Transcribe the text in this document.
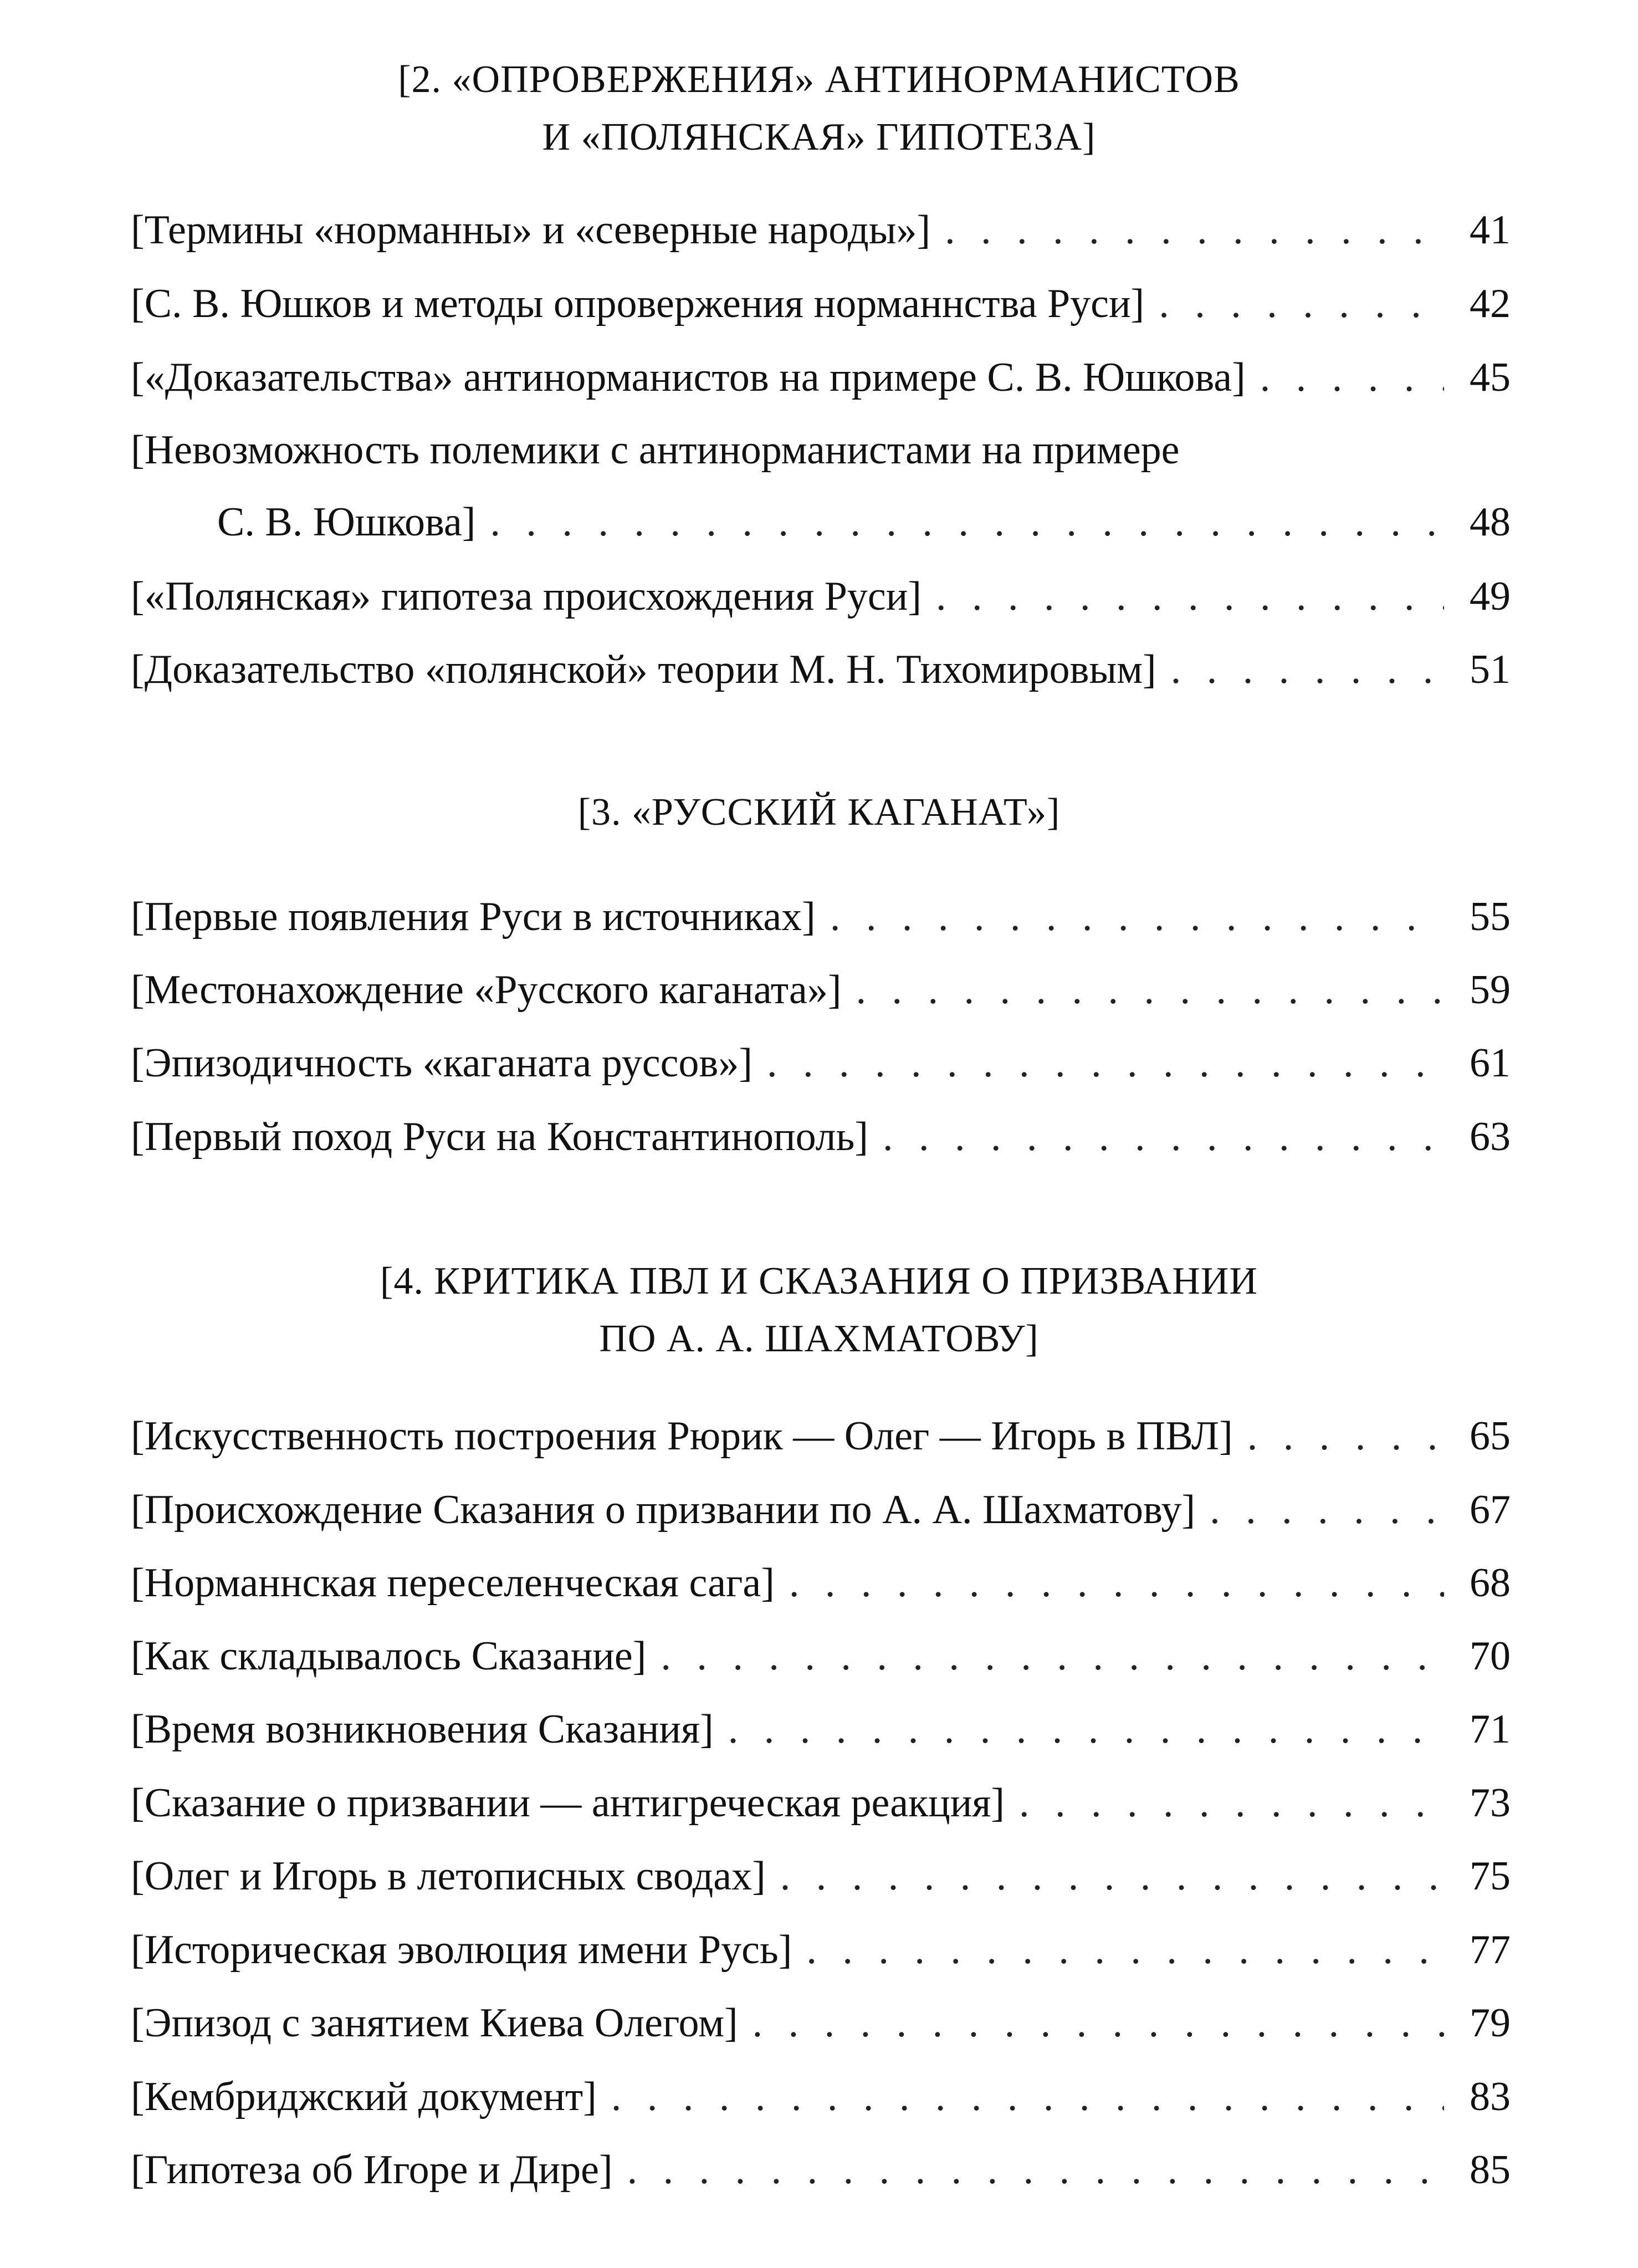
[2. «ОПРОВЕРЖЕНИЯ» АНТИНОРМАНИСТОВ
И «ПОЛЯНСКАЯ» ГИПОТЕЗА]
[Термины «норманны» и «северные народы»] . . .	41
[С. В. Юшков и методы опровержения норманнства Руси] . . .	42
[«Доказательства» антинорманистов на примере С. В. Юшкова] . . .	45
[Невозможность полемики с антинорманистами на примере
С. В. Юшкова] . . .	48
[«Полянская» гипотеза происхождения Руси] . . .	49
[Доказательство «полянской» теории М. Н. Тихомировым] . . .	51
[3. «РУССКИЙ КАГАНАТ»]
[Первые появления Руси в источниках] . . .	55
[Местонахождение «Русского каганата»] . . .	59
[Эпизодичность «каганата руссов»] . . .	61
[Первый поход Руси на Константинополь] . . .	63
[4. КРИТИКА ПВЛ И СКАЗАНИЯ О ПРИЗВАНИИ
ПО А. А. ШАХМАТОВУ]
[Искусственность построения Рюрик — Олег — Игорь в ПВЛ] . . .	65
[Происхождение Сказания о призвании по А. А. Шахматову] . . .	67
[Норманнская переселенческая сага] . . .	68
[Как складывалось Сказание] . . .	70
[Время возникновения Сказания] . . .	71
[Сказание о призвании — антигреческая реакция] . . .	73
[Олег и Игорь в летописных сводах] . . .	75
[Историческая эволюция имени Русь] . . .	77
[Эпизод с занятием Киева Олегом] . . .	79
[Кембриджский документ] . . .	83
[Гипотеза об Игоре и Дире] . . .	85
